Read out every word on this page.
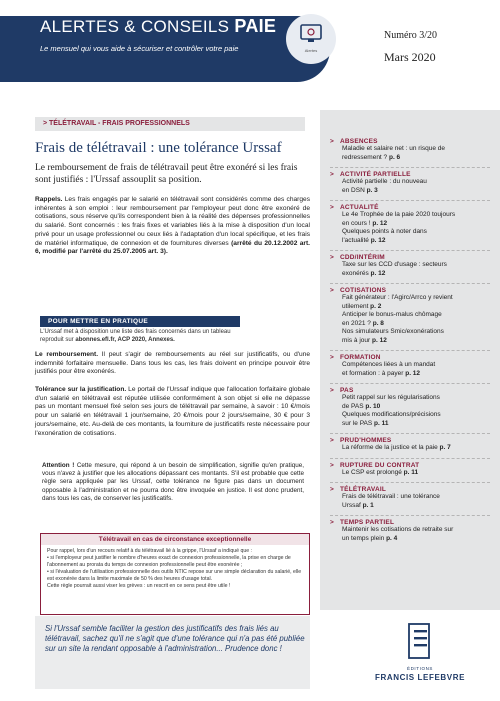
ALERTES & CONSEILS PAIE
Le mensuel qui vous aide à sécuriser et contrôler votre paie	Alertes
Numéro 3/20
Mars 2020
> TÉLÉTRAVAIL - FRAIS PROFESSIONNELS
Frais de télétravail : une tolérance Urssaf
Le remboursement de frais de télétravail peut être exonéré si les frais sont justifiés : l'Urssaf assouplit sa position.
Rappels. Les frais engagés par le salarié en télétravail sont considérés comme des charges inhérentes à son emploi : leur remboursement par l'employeur peut donc être exonéré de cotisations, sous réserve qu'ils correspondent bien à la réalité des dépenses professionnelles du salarié. Sont concernés : les frais fixes et variables liés à la mise à disposition d'un local privé pour un usage professionnel ou ceux liés à l'adaptation d'un local spécifique, et les frais de matériel informatique, de connexion et de fournitures diverses (arrêté du 20.12.2002 art. 6, modifié par l'arrêté du 25.07.2005 art. 3).
POUR METTRE EN PRATIQUE
L'Urssaf met à disposition une liste des frais concernés dans un tableau reproduit sur abonnes.efl.fr, ACP 2020, Annexes.
Le remboursement. Il peut s'agir de remboursements au réel sur justificatifs, ou d'une indemnité forfaitaire mensuelle. Dans tous les cas, les frais doivent en principe pouvoir être justifiés pour être exonérés.
Tolérance sur la justification. Le portail de l'Urssaf indique que l'allocation forfaitaire globale d'un salarié en télétravail est réputée utilisée conformément à son objet si elle ne dépasse pas un montant mensuel fixé selon ses jours de télétravail par semaine, à savoir : 10 €/mois pour un salarié en télétravail 1 jour/semaine, 20 €/mois pour 2 jours/semaine, 30 € pour 3 jours/semaine, etc. Au-delà de ces montants, la fourniture de justificatifs reste nécessaire pour l'exonération de cotisations.
Attention ! Cette mesure, qui répond à un besoin de simplification, signifie qu'en pratique, vous n'avez à justifier que les allocations dépassant ces montants. S'il est probable que cette règle sera appliquée par les Urssaf, cette tolérance ne figure pas dans un document opposable à l'administration et ne pourra donc être invoquée en justice. Il est donc prudent, dans tous les cas, de conserver les justificatifs.
Télétravail en cas de circonstance exceptionnelle
Pour rappel, lors d'un recours relatif à du télétravail lié à la grippe, l'Urssaf a indiqué que :
• si l'employeur peut justifier le nombre d'heures exact de connexion professionnelle, la prise en charge de l'abonnement au prorata du temps de connexion professionnelle peut être exonérée ;
• si l'évaluation de l'utilisation professionnelle des outils NTIC repose sur une simple déclaration du salarié, elle est exonérée dans la limite maximale de 50 % des heures d'usage total.
Cette règle pourrait aussi viser les grèves : un rescrit en ce sens peut être utile !
> ABSENCES
Maladie et salaire net : un risque de
redressement ? p. 6
> ACTIVITÉ PARTIELLE
Activité partielle : du nouveau
en DSN p. 3
> ACTUALITÉ
Le 4e Trophée de la paie 2020 toujours
en cours ! p. 12
Quelques points à noter dans
l'actualité p. 12
> CDD/INTÉRIM
Taxe sur les CCD d'usage : secteurs
exonérés p. 12
> COTISATIONS
Fait générateur : l'Agirc/Arrco y revient
utilement p. 2
Anticiper le bonus-malus chômage
en 2021 ? p. 8
Nos simulateurs Smic/exonérations
mis à jour p. 12
> FORMATION
Compétences liées à un mandat
et formation : à payer p. 12
> PAS
Petit rappel sur les régularisations
de PAS p. 10
Quelques modifications/précisions
sur le PAS p. 11
> PRUD'HOMMES
La réforme de la justice et la paie p. 7
> RUPTURE DU CONTRAT
Le CSP est prolongé p. 11
> TÉLÉTRAVAIL
Frais de télétravail : une tolérance
Urssaf p. 1
> TEMPS PARTIEL
Maintenir les cotisations de retraite sur
un temps plein p. 4
Si l'Urssaf semble faciliter la gestion des justificatifs des frais liés au télétravail, sachez qu'il ne s'agit que d'une tolérance qui n'a pas été publiée sur un site la rendant opposable à l'administration... Prudence donc !
ÉDITIONS
FRANCIS LEFEBVRE
